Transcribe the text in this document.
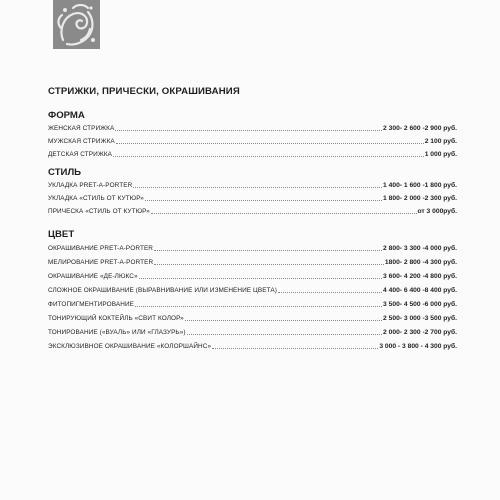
СТРИЖКИ, ПРИЧЕСКИ, ОКРАШИВАНИЯ
ФОРМА
ЖЕНСКАЯ СТРИЖКА	2 300- 2 600 -2 900 руб.
МУЖСКАЯ СТРИЖКА	2 100 руб.
ДЕТСКАЯ СТРИЖКА	1 000 руб.
СТИЛЬ
УКЛАДКА PRET-A-PORTER	1 400- 1 600 -1 800 руб.
УКЛАДКА «СТИЛЬ ОТ КУТЮР»	1 800- 2 000 -2 300 руб.
ПРИЧЕСКА «СТИЛЬ ОТ КУТЮР»	от 3 000руб.
ЦВЕТ
ОКРАШИВАНИЕ PRET-A-PORTER	2 800- 3 300 -4 000 руб.
МЕЛИРОВАНИЕ PRET-A-PORTER	1800- 2 800 -4 300 руб.
ОКРАШИВАНИЕ «ДЕ-ЛЮКС»	3 600- 4 200 -4 800 руб.
СЛОЖНОЕ ОКРАШИВАНИЕ (ВЫРАВНИВАНИЕ ИЛИ ИЗМЕНЕНИЕ ЦВЕТА)	4 400- 6 400 -8 400 руб.
ФИТОПИГМЕНТИРОВАНИЕ	3 500- 4 500 -6 000 руб.
ТОНИРУЮЩИЙ КОКТЕЙЛЬ «СВИТ КОЛОР»	2 500- 3 000 -3 500 руб.
ТОНИРОВАНИЕ («ВУАЛЬ» ИЛИ «ГЛАЗУРЬ»)	2 000- 2 300 -2 700 руб.
ЭКСКЛЮЗИВНОЕ ОКРАШИВАНИЕ «КОЛОРШАЙНС»	3 000 - 3 800 - 4 300 руб.
